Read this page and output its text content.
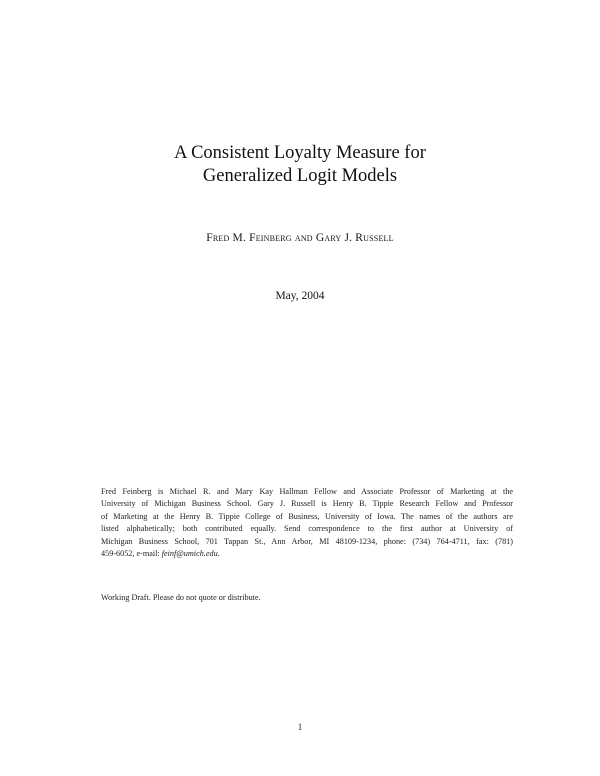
A Consistent Loyalty Measure for
Generalized Logit Models
Fred M. Feinberg and Gary J. Russell
May, 2004
Fred Feinberg is Michael R. and Mary Kay Hallman Fellow and Associate Professor of Marketing at the
University of Michigan Business School. Gary J. Russell is Henry B. Tippie Research Fellow and Professor
of Marketing at the Henry B. Tippie College of Business, University of Iowa. The names of the authors are
listed alphabetically; both contributed equally. Send correspondence to the first author at University of
Michigan Business School, 701 Tappan St., Ann Arbor, MI 48109-1234, phone: (734) 764-4711, fax: (781)
459-6052, e-mail: feinf@umich.edu.
Working Draft. Please do not quote or distribute.
1
